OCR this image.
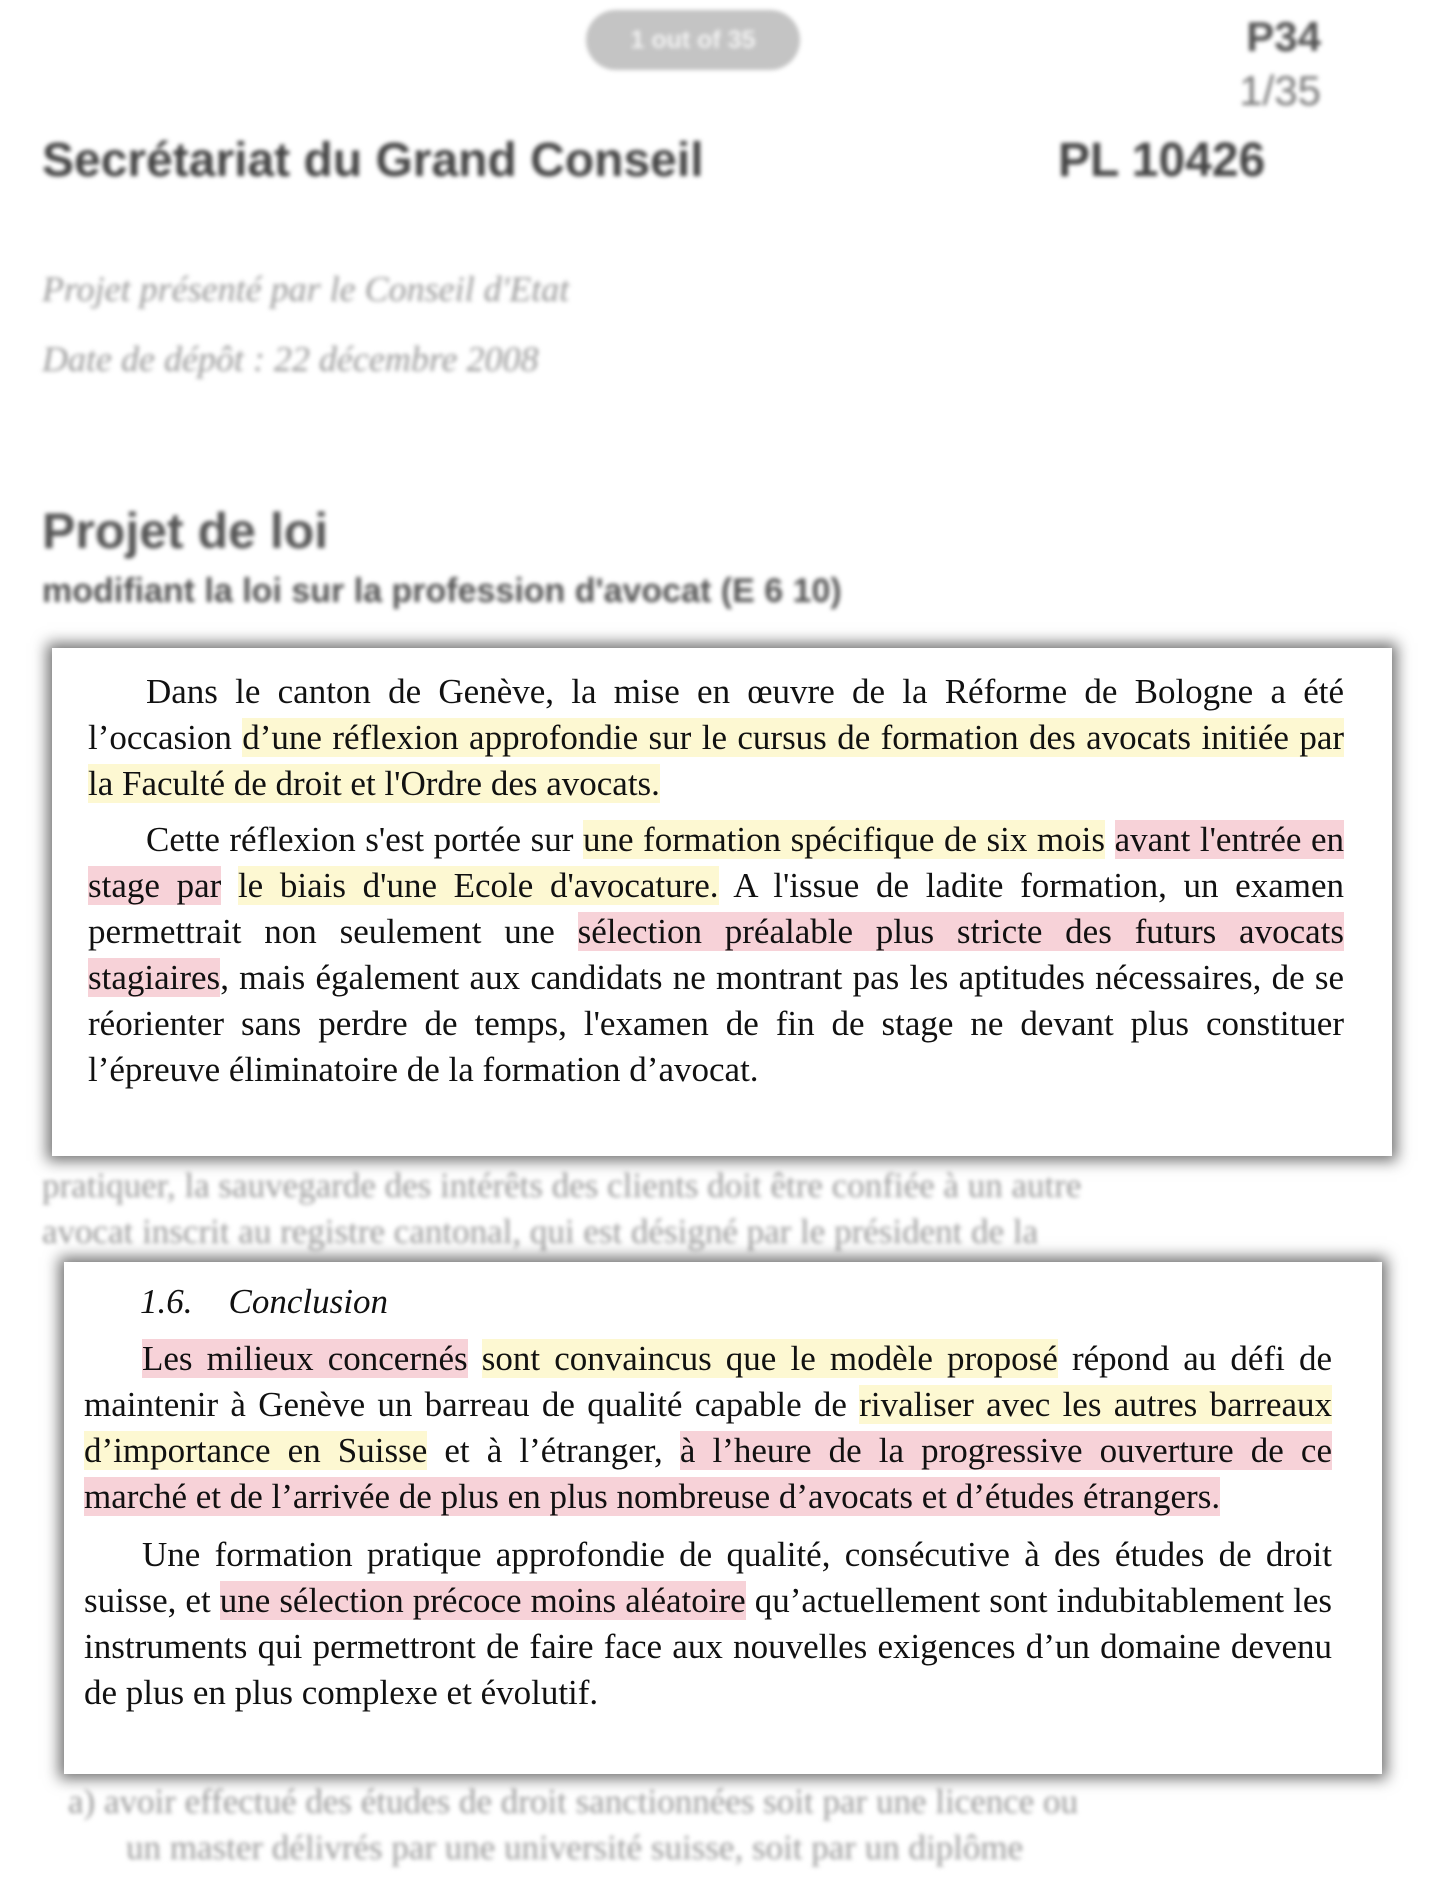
1 out of 35	P34
1/35
Secrétariat du Grand Conseil	PL 10426
Projet présenté par le Conseil d'Etat
Date de dépôt : 22 décembre 2008
Projet de loi
modifiant la loi sur la profession d'avocat (E 6 10)
pratiquer, la sauvegarde des intérêts des clients doit être confiée à un autre
avocat inscrit au registre cantonal, qui est désigné par le président de la
a) avoir effectué des études de droit sanctionnées soit par une licence ou
un master délivrés par une université suisse, soit par un diplôme

Dans le canton de Genève, la mise en œuvre de la Réforme de Bologne a été l’occasion d’une réflexion approfondie sur le cursus de formation des avocats initiée par la Faculté de droit et l'Ordre des avocats.

Cette réflexion s'est portée sur une formation spécifique de six mois avant l'entrée en stage par le biais d'une Ecole d'avocature. A l'issue de ladite formation, un examen permettrait non seulement une sélection préalable plus stricte des futurs avocats stagiaires, mais également aux candidats ne montrant pas les aptitudes nécessaires, de se réorienter sans perdre de temps, l'examen de fin de stage ne devant plus constituer l’épreuve éliminatoire de la formation d’avocat.

1.6. Conclusion

Les milieux concernés sont convaincus que le modèle proposé répond au défi de maintenir à Genève un barreau de qualité capable de rivaliser avec les autres barreaux d’importance en Suisse et à l’étranger, à l’heure de la progressive ouverture de ce marché et de l’arrivée de plus en plus nombreuse d’avocats et d’études étrangers.

Une formation pratique approfondie de qualité, consécutive à des études de droit suisse, et une sélection précoce moins aléatoire qu’actuellement sont indubitablement les instruments qui permettront de faire face aux nouvelles exigences d’un domaine devenu de plus en plus complexe et évolutif.
